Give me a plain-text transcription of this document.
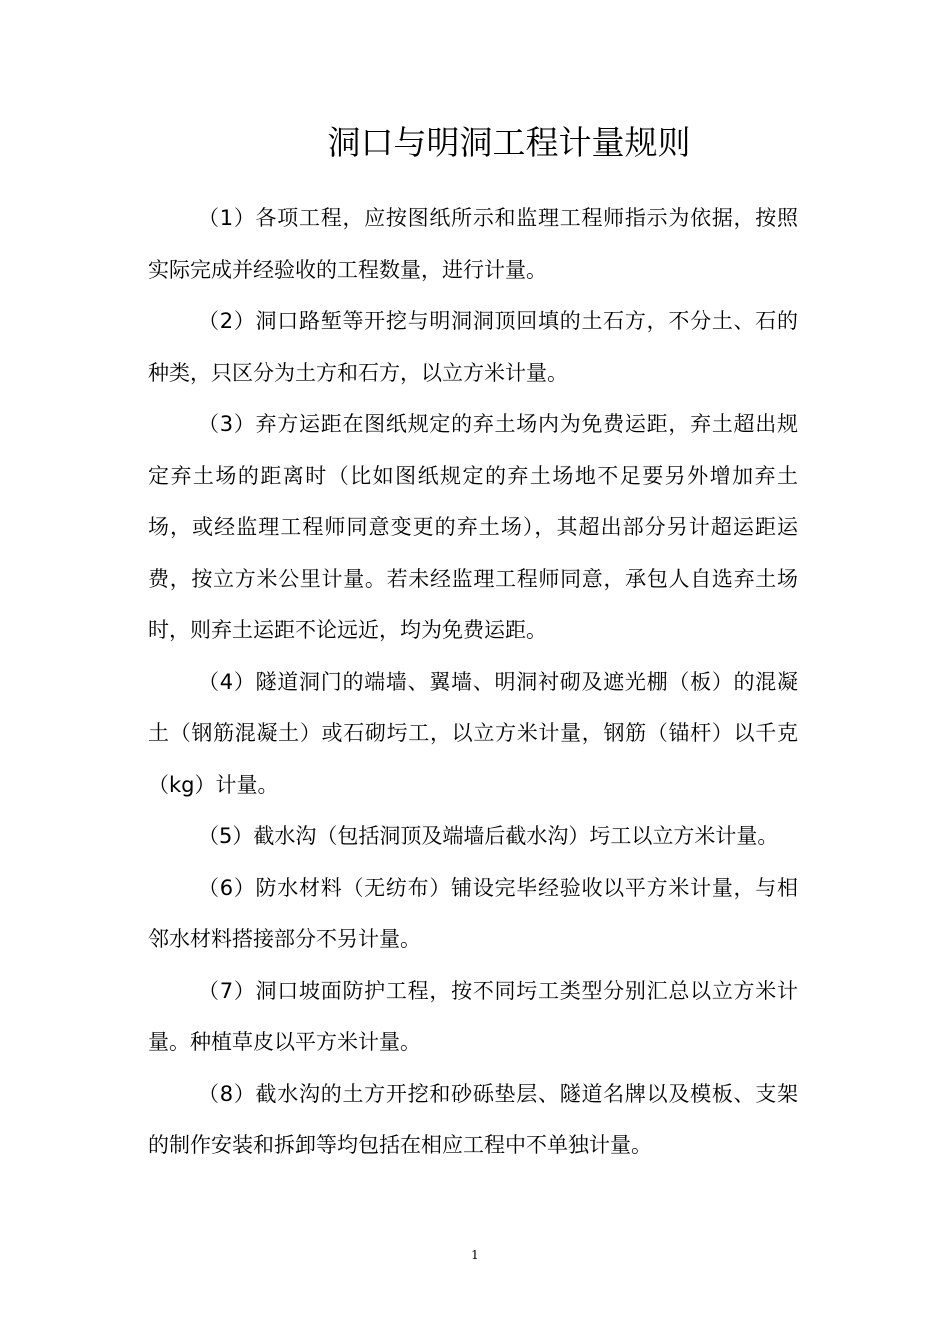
洞口与明洞工程计量规则

（1）各项工程，应按图纸所示和监理工程师指示为依据，按照实际完成并经验收的工程数量，进行计量。

（2）洞口路堑等开挖与明洞洞顶回填的土石方，不分土、石的种类，只区分为土方和石方，以立方米计量。

（3）弃方运距在图纸规定的弃土场内为免费运距，弃土超出规定弃土场的距离时（比如图纸规定的弃土场地不足要另外增加弃土场，或经监理工程师同意变更的弃土场），其超出部分另计超运距运费，按立方米公里计量。若未经监理工程师同意，承包人自选弃土场时，则弃土运距不论远近，均为免费运距。

（4）隧道洞门的端墙、翼墙、明洞衬砌及遮光棚（板）的混凝土（钢筋混凝土）或石砌圬工，以立方米计量，钢筋（锚杆）以千克（kg）计量。

（5）截水沟（包括洞顶及端墙后截水沟）圬工以立方米计量。

（6）防水材料（无纺布）铺设完毕经验收以平方米计量，与相邻水材料搭接部分不另计量。

（7）洞口坡面防护工程，按不同圬工类型分别汇总以立方米计量。种植草皮以平方米计量。

（8）截水沟的土方开挖和砂砾垫层、隧道名牌以及模板、支架的制作安装和拆卸等均包括在相应工程中不单独计量。

1
